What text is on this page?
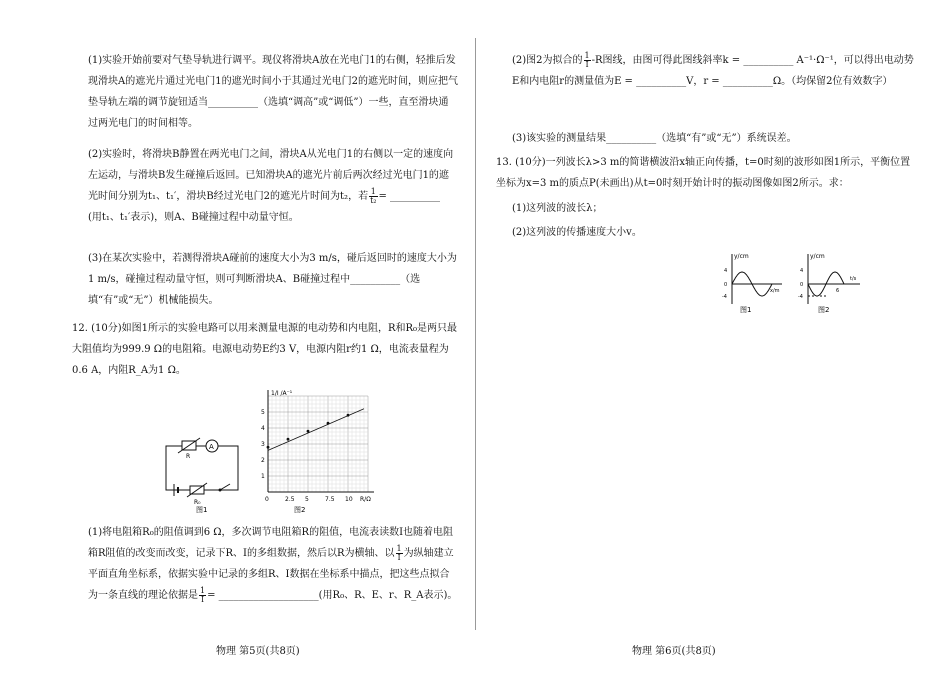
(1)实验开始前要对气垫导轨进行调平。现仪将滑块A放在光电门1的右侧，轻推后发现滑块A的遮光片通过光电门1的遮光时间小于其通过光电门2的遮光时间，则应把气垫导轨左端的调节旋钮适当__________（选填“调高”或“调低”）一些，直至滑块通过两光电门的时间相等。

(2)实验时，将滑块B静置在两光电门之间，滑块A从光电门1的右侧以一定的速度向左运动，与滑块B发生碰撞后返回。已知滑块A的遮光片前后两次经过光电门1的遮光时间分别为t₁、t₁′，滑块B经过光电门2的遮光片时间为t₂，若 $\frac{1}{\text{t₂}}$ = __________
(用t₁、t₁′表示)，则A、B碰撞过程中动量守恒。

(3)在某次实验中，若测得滑块A碰前的速度大小为3 m/s，碰后返回时的速度大小为1 m/s，碰撞过程动量守恒，则可判断滑块A、B碰撞过程中__________（选填“有”或“无”）机械能损失。

12. (10分)如图1所示的实验电路可以用来测量电源的电动势和内电阻，R和R₀是两只最大阻值均为999.9 Ω的电阻箱。电源电动势E约3 V，电源内阻r约1 Ω，电流表量程为0.6 A，内阻R_A为1 Ω。

A
R₀
R
图1
1/I /A⁻¹
R/Ω
0	2.5 5	7.5 10
1
2
3
4
5
图2

(1)将电阻箱R₀的阻值调到6 Ω，多次调节电阻箱R的阻值，电流表读数I也随着电阻箱R阻值的改变而改变，记录下R、I的多组数据，然后以R为横轴、以 $\frac{1}{I}$ 为纵轴建立平面直角坐标系，依据实验中记录的多组R、I数据在坐标系中描点，把这些点拟合为一条直线的理论依据是 $\frac{1}{I}$ = ____________________(用R₀、R、E、r、R_A表示)。

物理 第5页(共8页)

(2)图2为拟合的 $\frac{1}{I} -R$图线，由图可得此图线斜率k = __________ A⁻¹·Ω⁻¹，可以得出电动势E和内电阻r的测量值为E = __________V，r = __________Ω。（均保留2位有效数字）

(3)该实验的测量结果__________（选填“有”或“无”）系统误差。

13. (10分)一列波长λ>3 m的简谐横波沿x轴正向传播，t=0时刻的波形如图1所示，平衡位置坐标为x=3 m的质点P(未画出)从t=0时刻开始计时的振动图像如图2所示。求：

(1)这列波的波长λ；

(2)这列波的传播速度大小v。

y/cm
x/m
4
0
-4
图1
y/cm
t/s
6
4
0
-4
图2
物理 第6页(共8页)
